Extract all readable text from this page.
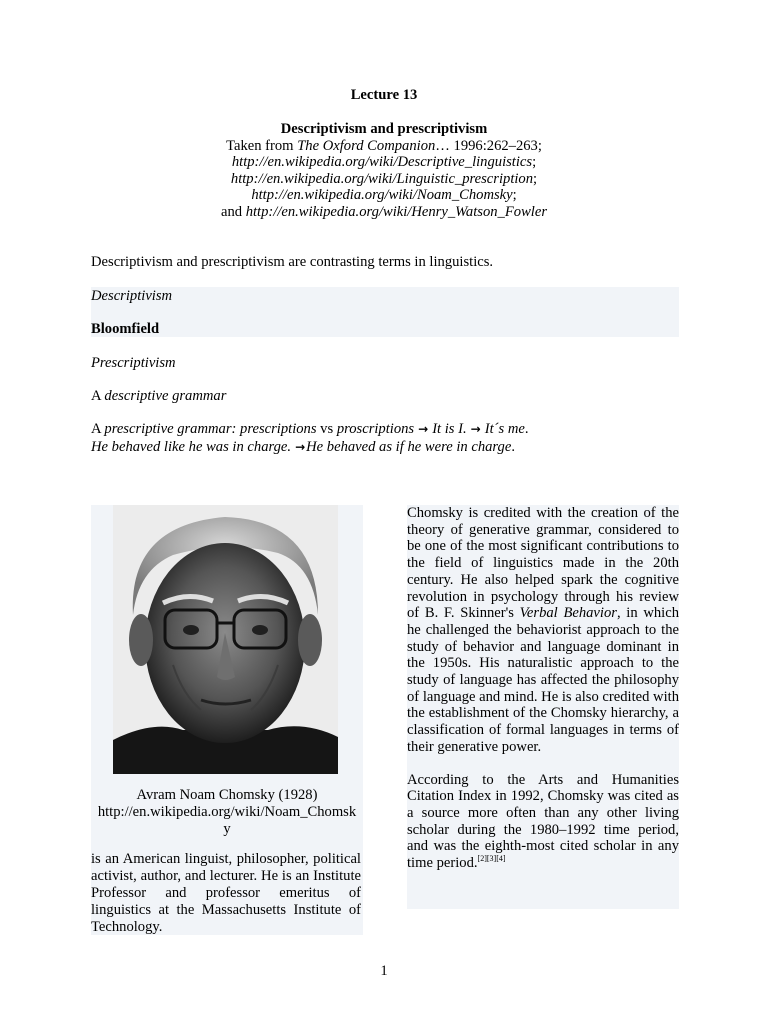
Lecture 13
Descriptivism and prescriptivism
Taken from The Oxford Companion… 1996:262–263;
http://en.wikipedia.org/wiki/Descriptive_linguistics;
http://en.wikipedia.org/wiki/Linguistic_prescription;
http://en.wikipedia.org/wiki/Noam_Chomsky;
and http://en.wikipedia.org/wiki/Henry_Watson_Fowler
Descriptivism and prescriptivism are contrasting terms in linguistics.
Descriptivism
Bloomfield
Prescriptivism
A descriptive grammar
A prescriptive grammar: prescriptions vs proscriptions → It is I. → It´s me.
He behaved like he was in charge. →He behaved as if he were in charge.
Avram Noam Chomsky (1928)
http://en.wikipedia.org/wiki/Noam_Chomsky
is an American linguist, philosopher, political activist, author, and lecturer. He is an Institute Professor and professor emeritus of linguistics at the Massachusetts Institute of Technology.

Chomsky is credited with the creation of the theory of generative grammar, considered to be one of the most significant contributions to the field of linguistics made in the 20th century. He also helped spark the cognitive revolution in psychology through his review of B. F. Skinner's Verbal Behavior, in which he challenged the behaviorist approach to the study of behavior and language dominant in the 1950s. His naturalistic approach to the study of language has affected the philosophy of language and mind. He is also credited with the establishment of the Chomsky hierarchy, a classification of formal languages in terms of their generative power.

According to the Arts and Humanities Citation Index in 1992, Chomsky was cited as a source more often than any other living scholar during the 1980–1992 time period, and was the eighth-most cited scholar in any time period.[2][3][4]

1
